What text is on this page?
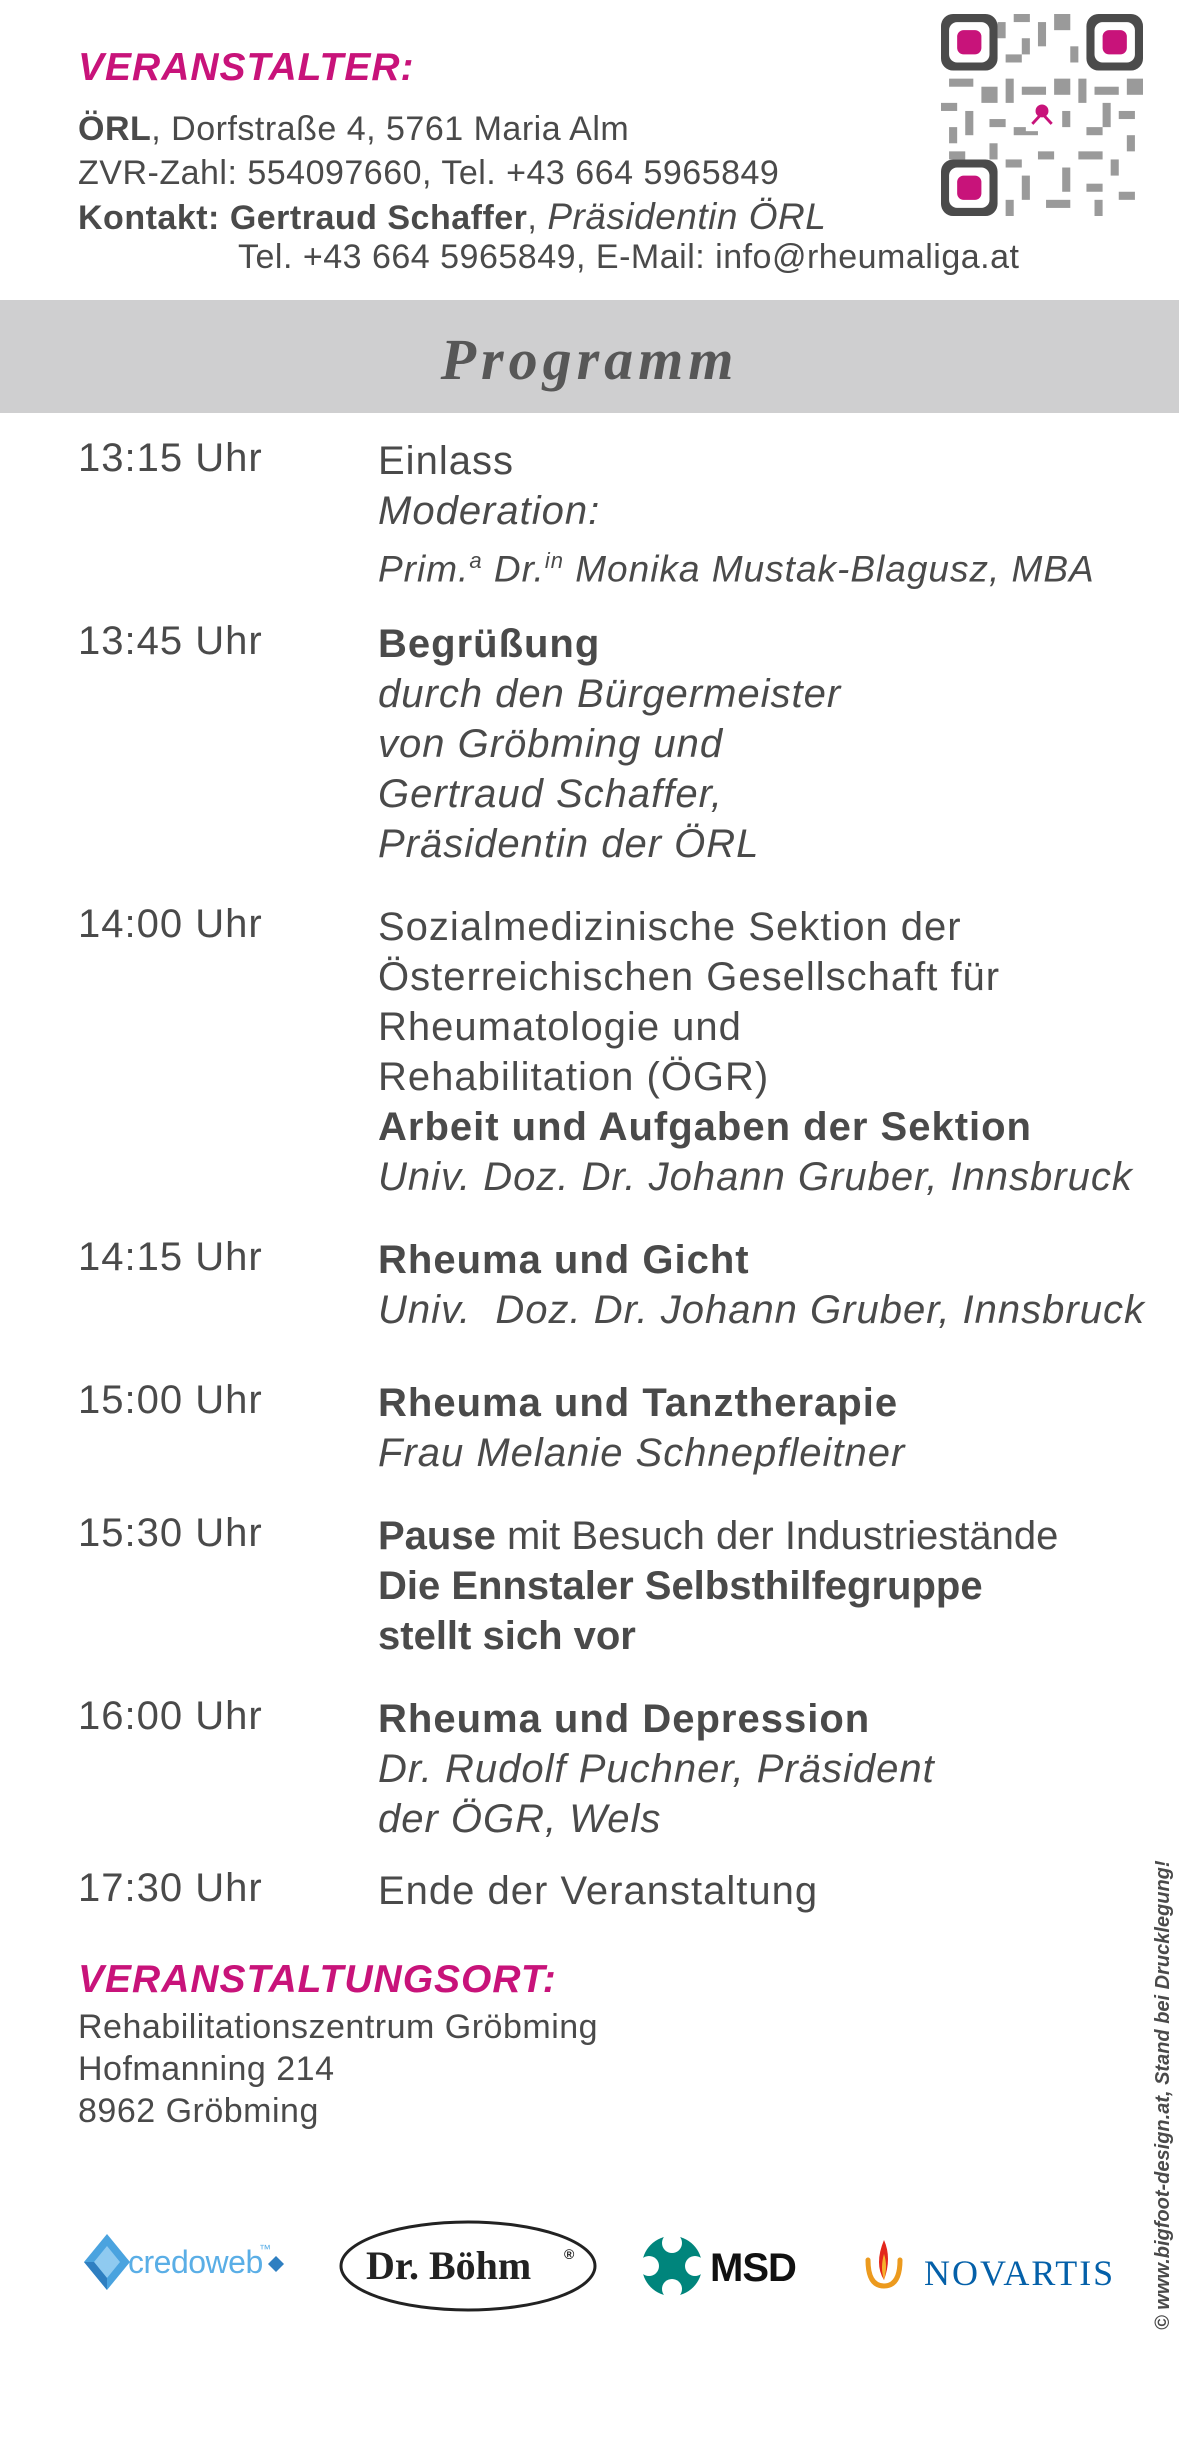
VERANSTALTER:
ÖRL, Dorfstraße 4, 5761 Maria Alm
ZVR-Zahl: 554097660, Tel. +43 664 5965849
Kontakt: Gertraud Schaffer, Präsidentin ÖRL
Tel. +43 664 5965849, E-Mail: info@rheumaliga.at
Programm
13:15 Uhr	Einlass
Moderation:
Prim.$^a$ Dr.$^{in}$ Monika Mustak-Blagusz, MBA
13:45 Uhr	Begrüßung
durch den Bürgermeister
von Gröbming und
Gertraud Schaffer,
Präsidentin der ÖRL
14:00 Uhr	Sozialmedizinische Sektion der
Österreichischen Gesellschaft für
Rheumatologie und
Rehabilitation (ÖGR)
Arbeit und Aufgaben der Sektion
Univ. Doz. Dr. Johann Gruber, Innsbruck
14:15 Uhr	Rheuma und Gicht
Univ.  Doz. Dr. Johann Gruber, Innsbruck
15:00 Uhr	Rheuma und Tanztherapie
Frau Melanie Schnepfleitner
15:30 Uhr	Pause mit Besuch der Industriestände
Die Ennstaler Selbsthilfegruppe
stellt sich vor
16:00 Uhr	Rheuma und Depression
Dr. Rudolf Puchner, Präsident
der ÖGR, Wels
17:30 Uhr	Ende der Veranstaltung
VERANSTALTUNGSORT:
Rehabilitationszentrum Gröbming
Hofmanning 214
8962 Gröbming
credoweb
™ Dr. Böhm ®	MSD	NOVARTIS © www.bigfoot-design.at, Stand bei Drucklegung!
